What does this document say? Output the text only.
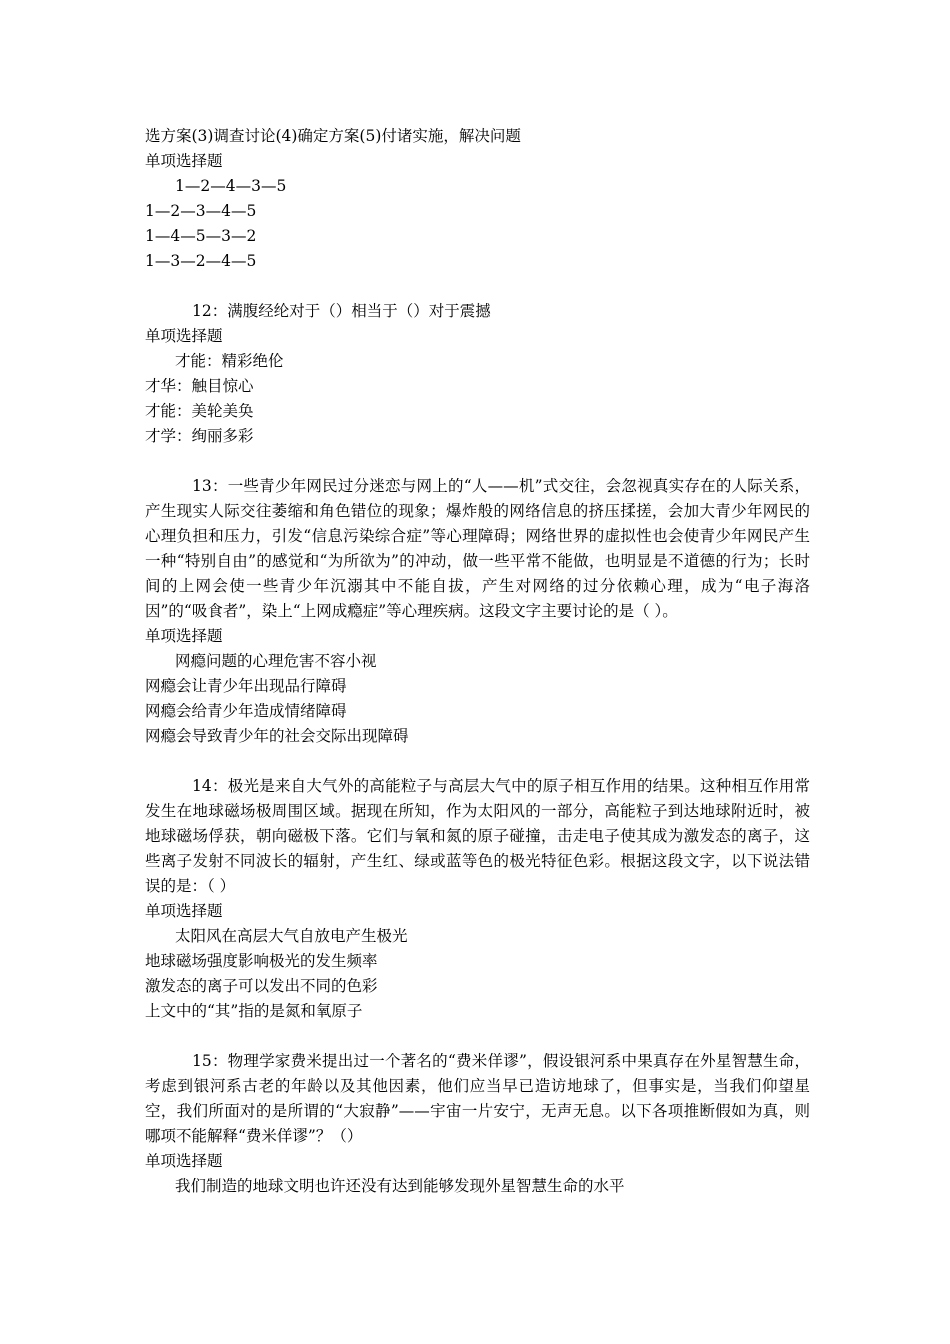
选方案(3)调查讨论(4)确定方案(5)付诸实施，解决问题
单项选择题
1—2—4—3—5
1—2—3—4—5
1—4—5—3—2
1—3—2—4—5
12：满腹经纶对于（）相当于（）对于震撼
单项选择题
才能：精彩绝伦
才华：触目惊心
才能：美轮美奂
才学：绚丽多彩
13：一些青少年网民过分迷恋与网上的“人——机”式交往，会忽视真实存在的人际关系，产生现实人际交往萎缩和角色错位的现象；爆炸般的网络信息的挤压揉搓，会加大青少年网民的心理负担和压力，引发“信息污染综合症”等心理障碍；网络世界的虚拟性也会使青少年网民产生一种“特别自由”的感觉和“为所欲为”的冲动，做一些平常不能做，也明显是不道德的行为；长时间的上网会使一些青少年沉溺其中不能自拔，产生对网络的过分依赖心理，成为“电子海洛因”的“吸食者”，染上“上网成瘾症”等心理疾病。这段文字主要讨论的是（ ）。
单项选择题
网瘾问题的心理危害不容小视
网瘾会让青少年出现品行障碍
网瘾会给青少年造成情绪障碍
网瘾会导致青少年的社会交际出现障碍
14：极光是来自大气外的高能粒子与高层大气中的原子相互作用的结果。这种相互作用常发生在地球磁场极周围区域。据现在所知，作为太阳风的一部分，高能粒子到达地球附近时，被地球磁场俘获，朝向磁极下落。它们与氧和氮的原子碰撞，击走电子使其成为激发态的离子，这些离子发射不同波长的辐射，产生红、绿或蓝等色的极光特征色彩。根据这段文字，以下说法错误的是：（ ）
单项选择题
太阳风在高层大气自放电产生极光
地球磁场强度影响极光的发生频率
激发态的离子可以发出不同的色彩
上文中的“其”指的是氮和氧原子
15：物理学家费米提出过一个著名的“费米佯谬”，假设银河系中果真存在外星智慧生命，考虑到银河系古老的年龄以及其他因素，他们应当早已造访地球了，但事实是，当我们仰望星空，我们所面对的是所谓的“大寂静”——宇宙一片安宁，无声无息。以下各项推断假如为真，则哪项不能解释“费米佯谬”？（）
单项选择题
我们制造的地球文明也许还没有达到能够发现外星智慧生命的水平
